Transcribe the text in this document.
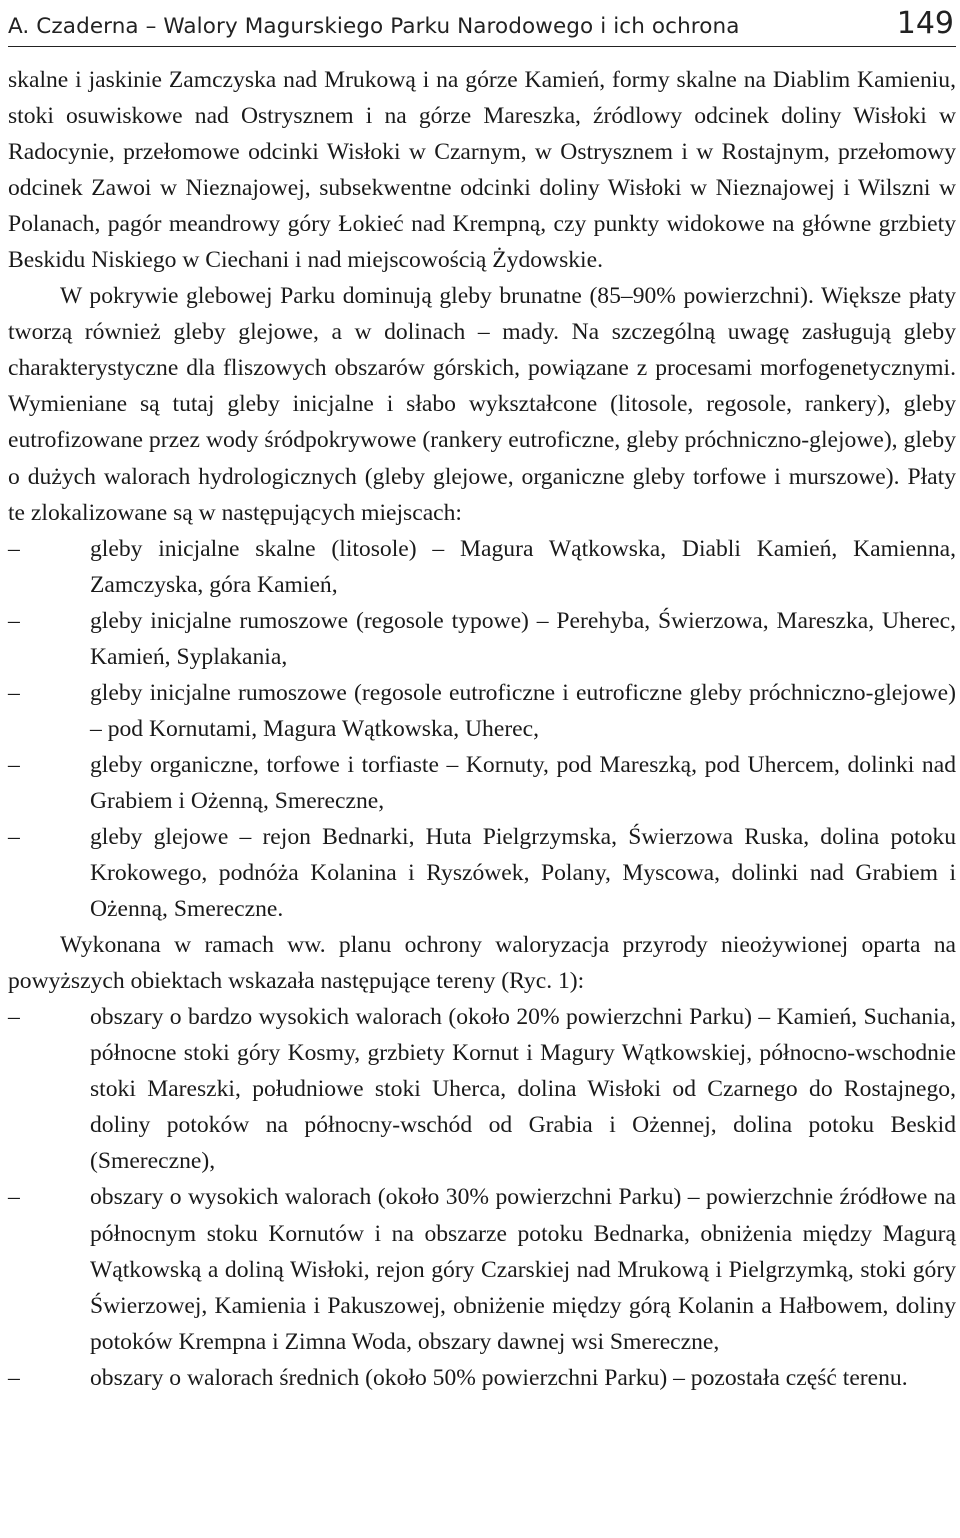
A. Czaderna – Walory Magurskiego Parku Narodowego i ich ochrona	149

skalne i jaskinie Zamczyska nad Mrukową i na górze Kamień, formy skalne na Diablim Kamieniu, stoki osuwiskowe nad Ostrysznem i na górze Mareszka, źródlowy odcinek doliny Wisłoki w Radocynie, przełomowe odcinki Wisłoki w Czarnym, w Ostrysznem i w Rostajnym, przełomowy odcinek Zawoi w Nieznajowej, subsekwentne odcinki doliny Wisłoki w Nieznajowej i Wilszni w Polanach, pagór meandrowy góry Łokieć nad Krempną, czy punkty widokowe na główne grzbiety Beskidu Niskiego w Ciechani i nad miejscowością Żydowskie.

W pokrywie glebowej Parku dominują gleby brunatne (85–90% powierzchni). Większe płaty tworzą również gleby glejowe, a w dolinach – mady. Na szczególną uwagę zasługują gleby charakterystyczne dla fliszowych obszarów górskich, powiązane z procesami morfogenetycznymi. Wymieniane są tutaj gleby inicjalne i słabo wykształcone (litosole, regosole, rankery), gleby eutrofizowane przez wody śródpokrywowe (rankery eutroficzne, gleby próchniczno-glejowe), gleby o dużych walorach hydrologicznych (gleby glejowe, organiczne gleby torfowe i murszowe). Płaty te zlokalizowane są w następujących miejscach:

– gleby inicjalne skalne (litosole) – Magura Wątkowska, Diabli Kamień, Kamienna, Zamczyska, góra Kamień,
– gleby inicjalne rumoszowe (regosole typowe) – Perehyba, Świerzowa, Mareszka, Uherec, Kamień, Syplakania,
– gleby inicjalne rumoszowe (regosole eutroficzne i eutroficzne gleby próchniczno-glejowe) – pod Kornutami, Magura Wątkowska, Uherec,
– gleby organiczne, torfowe i torfiaste – Kornuty, pod Mareszką, pod Uhercem, dolinki nad Grabiem i Ożenną, Smereczne,
– gleby glejowe – rejon Bednarki, Huta Pielgrzymska, Świerzowa Ruska, dolina potoku Krokowego, podnóża Kolanina i Ryszówek, Polany, Myscowa, dolinki nad Grabiem i Ożenną, Smereczne.

Wykonana w ramach ww. planu ochrony waloryzacja przyrody nieożywionej oparta na powyższych obiektach wskazała następujące tereny (Ryc. 1):

– obszary o bardzo wysokich walorach (około 20% powierzchni Parku) – Kamień, Suchania, północne stoki góry Kosmy, grzbiety Kornut i Magury Wątkowskiej, północno-wschodnie stoki Mareszki, południowe stoki Uherca, dolina Wisłoki od Czarnego do Rostajnego, doliny potoków na północny-wschód od Grabia i Ożennej, dolina potoku Beskid (Smereczne),
– obszary o wysokich walorach (około 30% powierzchni Parku) – powierzchnie źródłowe na północnym stoku Kornutów i na obszarze potoku Bednarka, obniżenia między Magurą Wątkowską a doliną Wisłoki, rejon góry Czarskiej nad Mrukową i Pielgrzymką, stoki góry Świerzowej, Kamienia i Pakuszowej, obniżenie między górą Kolanin a Hałbowem, doliny potoków Krempna i Zimna Woda, obszary dawnej wsi Smereczne,
– obszary o walorach średnich (około 50% powierzchni Parku) – pozostała część terenu.
